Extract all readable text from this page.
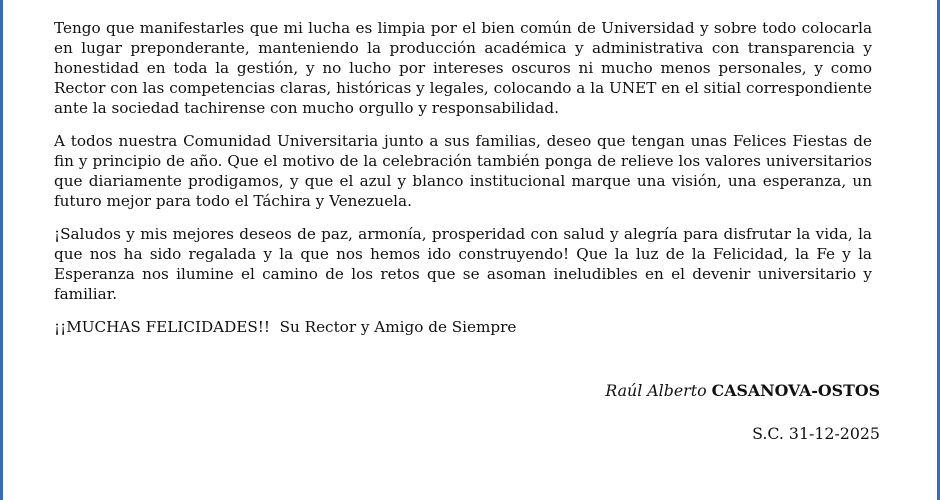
Tengo que manifestarles que mi lucha es limpia por el bien común de Universidad y sobre todo colocarla en lugar preponderante, manteniendo la producción académica y administrativa con transparencia y honestidad en toda la gestión, y no lucho por intereses oscuros ni mucho menos personales, y como Rector con las competencias claras, históricas y legales, colocando a la UNET en el sitial correspondiente ante la sociedad tachirense con mucho orgullo y responsabilidad.

A todos nuestra Comunidad Universitaria junto a sus familias, deseo que tengan unas Felices Fiestas de fin y principio de año. Que el motivo de la celebración también ponga de relieve los valores universitarios que diariamente prodigamos, y que el azul y blanco institucional marque una visión, una esperanza, un futuro mejor para todo el Táchira y Venezuela.

¡Saludos y mis mejores deseos de paz, armonía, prosperidad con salud y alegría para disfrutar la vida, la que nos ha sido regalada y la que nos hemos ido construyendo! Que la luz de la Felicidad, la Fe y la Esperanza nos ilumine el camino de los retos que se asoman ineludibles en el devenir universitario y familiar.

¡¡MUCHAS FELICIDADES!!  Su Rector y Amigo de Siempre

Raúl Alberto CASANOVA-OSTOS
S.C. 31-12-2025
